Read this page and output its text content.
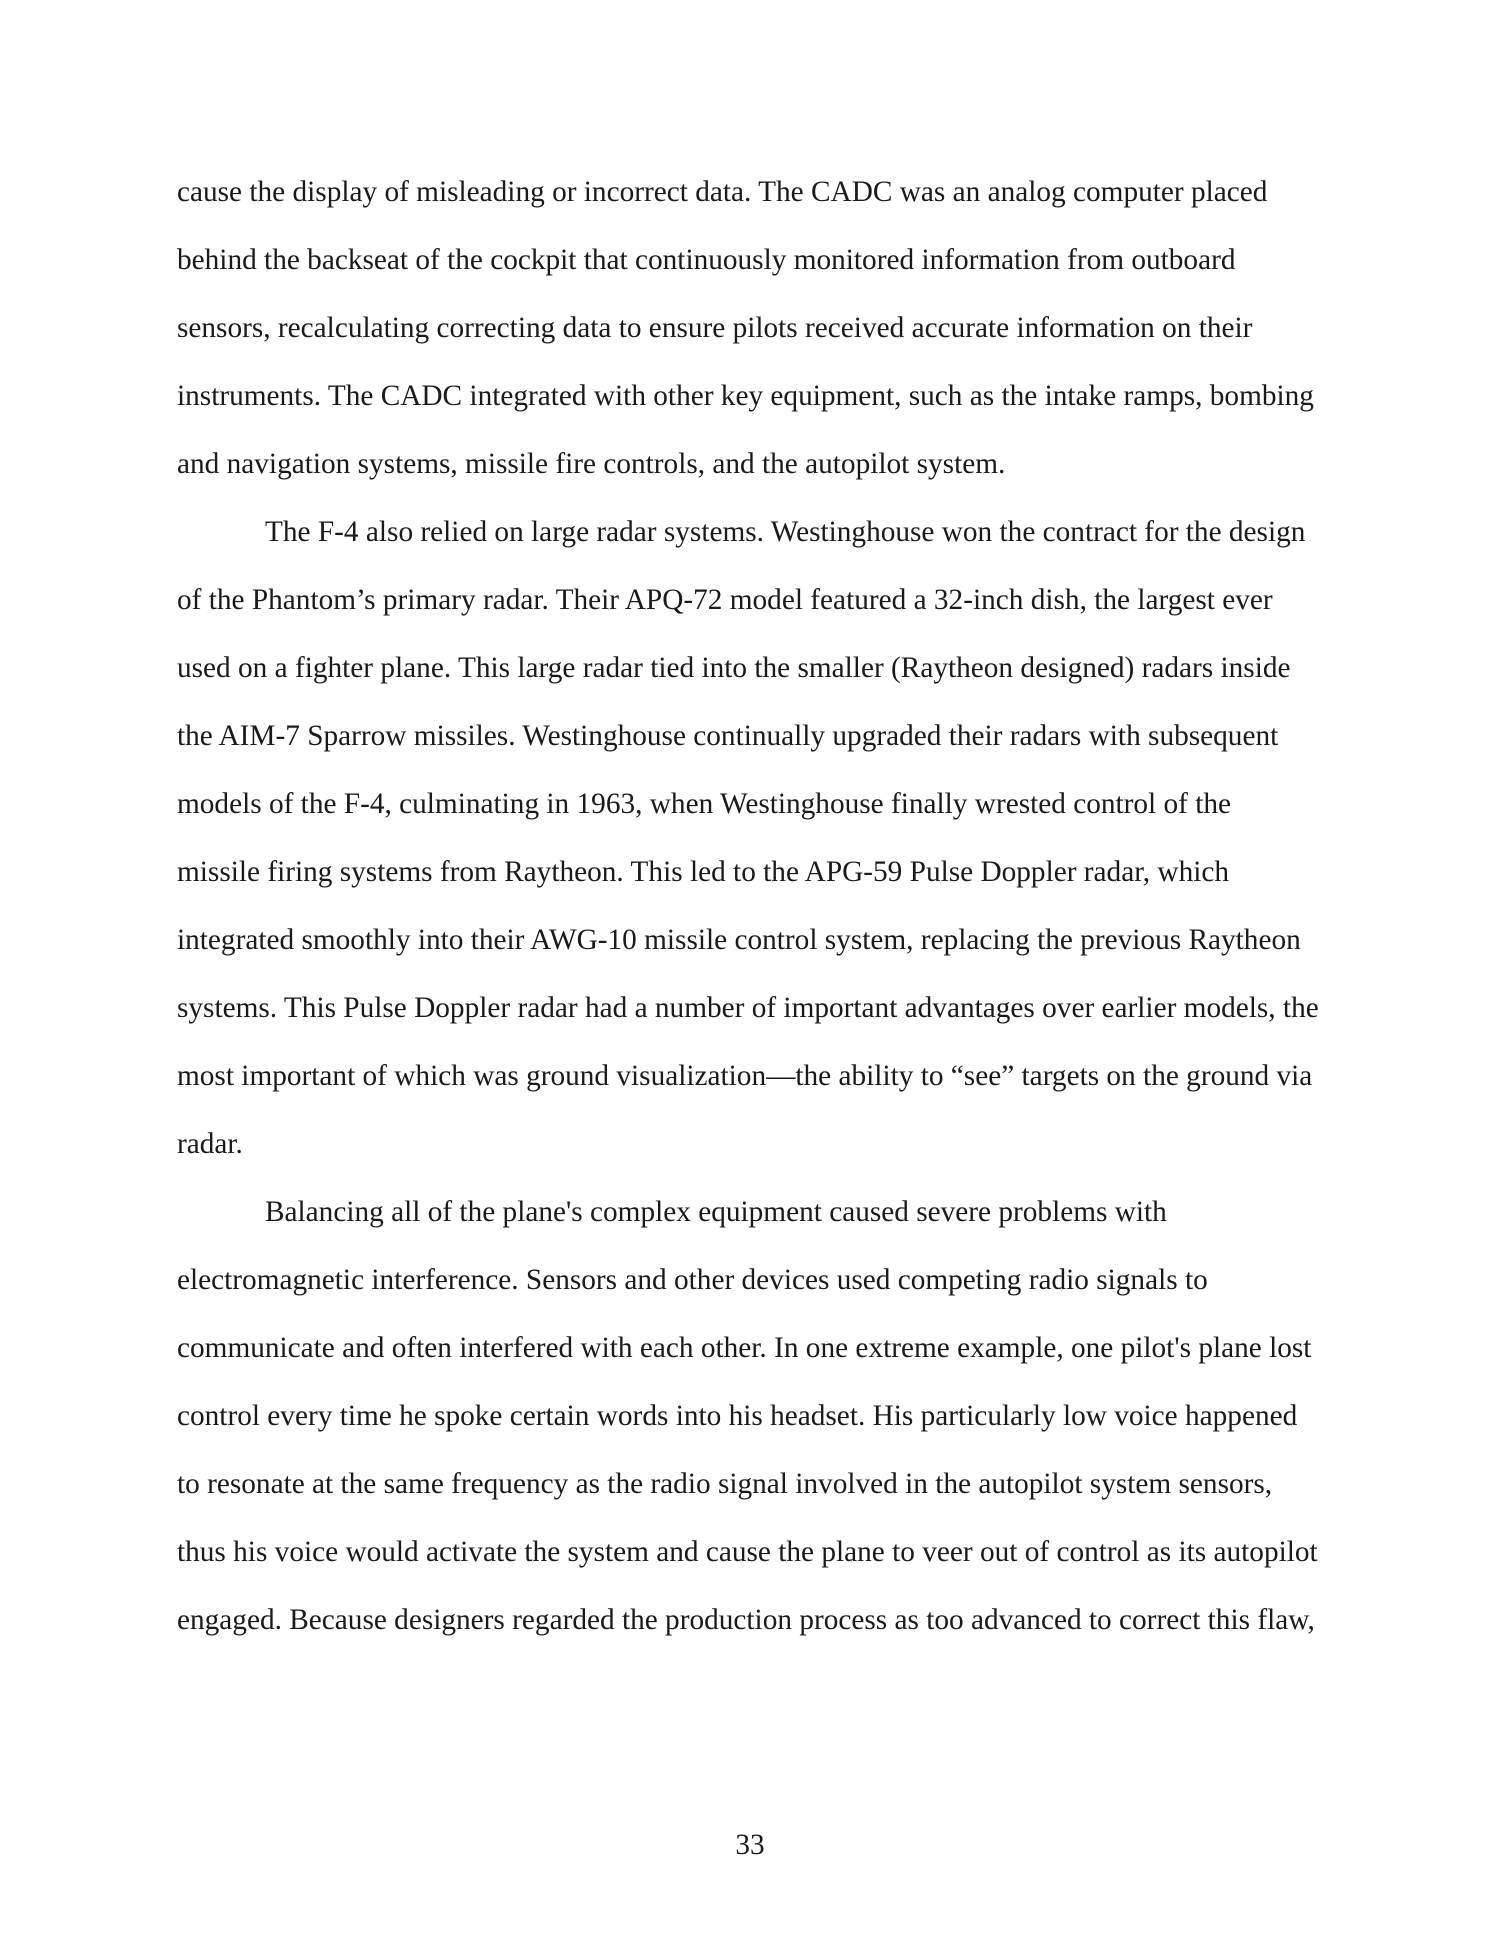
cause the display of misleading or incorrect data. The CADC was an analog computer placed
behind the backseat of the cockpit that continuously monitored information from outboard
sensors, recalculating correcting data to ensure pilots received accurate information on their
instruments. The CADC integrated with other key equipment, such as the intake ramps, bombing
and navigation systems, missile fire controls, and the autopilot system.
The F-4 also relied on large radar systems. Westinghouse won the contract for the design
of the Phantom’s primary radar. Their APQ-72 model featured a 32-inch dish, the largest ever
used on a fighter plane. This large radar tied into the smaller (Raytheon designed) radars inside
the AIM-7 Sparrow missiles. Westinghouse continually upgraded their radars with subsequent
models of the F-4, culminating in 1963, when Westinghouse finally wrested control of the
missile firing systems from Raytheon. This led to the APG-59 Pulse Doppler radar, which
integrated smoothly into their AWG-10 missile control system, replacing the previous Raytheon
systems. This Pulse Doppler radar had a number of important advantages over earlier models, the
most important of which was ground visualization—the ability to “see” targets on the ground via
radar.
Balancing all of the plane's complex equipment caused severe problems with
electromagnetic interference. Sensors and other devices used competing radio signals to
communicate and often interfered with each other. In one extreme example, one pilot's plane lost
control every time he spoke certain words into his headset. His particularly low voice happened
to resonate at the same frequency as the radio signal involved in the autopilot system sensors,
thus his voice would activate the system and cause the plane to veer out of control as its autopilot
engaged. Because designers regarded the production process as too advanced to correct this flaw,
33
